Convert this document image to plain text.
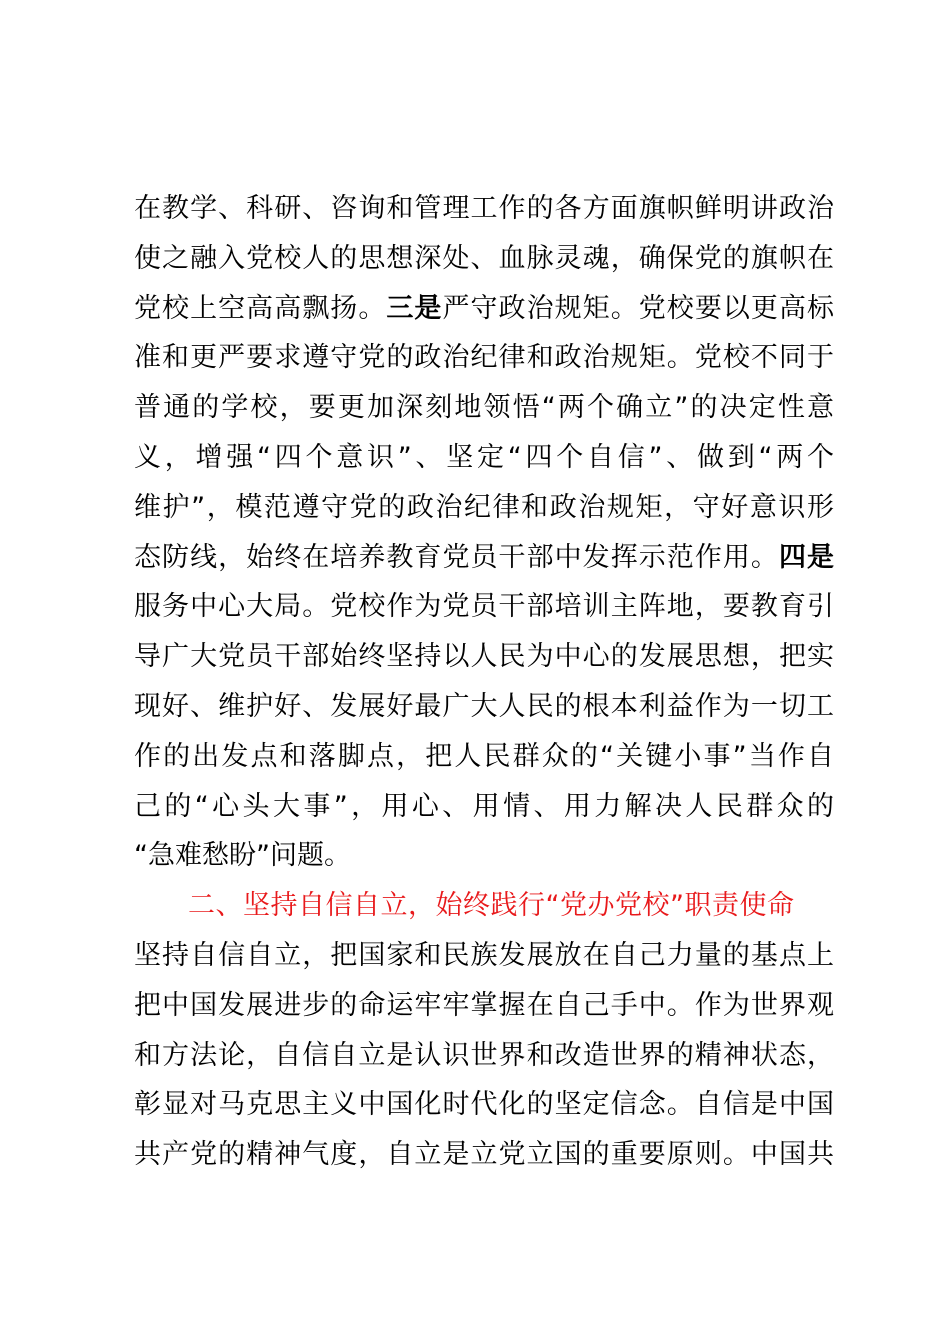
在教学、科研、咨询和管理工作的各方面旗帜鲜明讲政治
使之融入党校人的思想深处、血脉灵魂，确保党的旗帜在
党校上空高高飘扬。三是严守政治规矩。党校要以更高标
准和更严要求遵守党的政治纪律和政治规矩。党校不同于
普通的学校，要更加深刻地领悟“两个确立”的决定性意
义，增强“四个意识”、坚定“四个自信”、做到“两个
维护”，模范遵守党的政治纪律和政治规矩，守好意识形
态防线，始终在培养教育党员干部中发挥示范作用。四是
服务中心大局。党校作为党员干部培训主阵地，要教育引
导广大党员干部始终坚持以人民为中心的发展思想，把实
现好、维护好、发展好最广大人民的根本利益作为一切工
作的出发点和落脚点，把人民群众的“关键小事”当作自
己的“心头大事”，用心、用情、用力解决人民群众的
“急难愁盼”问题。
二、坚持自信自立，始终践行“党办党校”职责使命
坚持自信自立，把国家和民族发展放在自己力量的基点上
把中国发展进步的命运牢牢掌握在自己手中。作为世界观
和方法论，自信自立是认识世界和改造世界的精神状态，
彰显对马克思主义中国化时代化的坚定信念。自信是中国
共产党的精神气度，自立是立党立国的重要原则。中国共
